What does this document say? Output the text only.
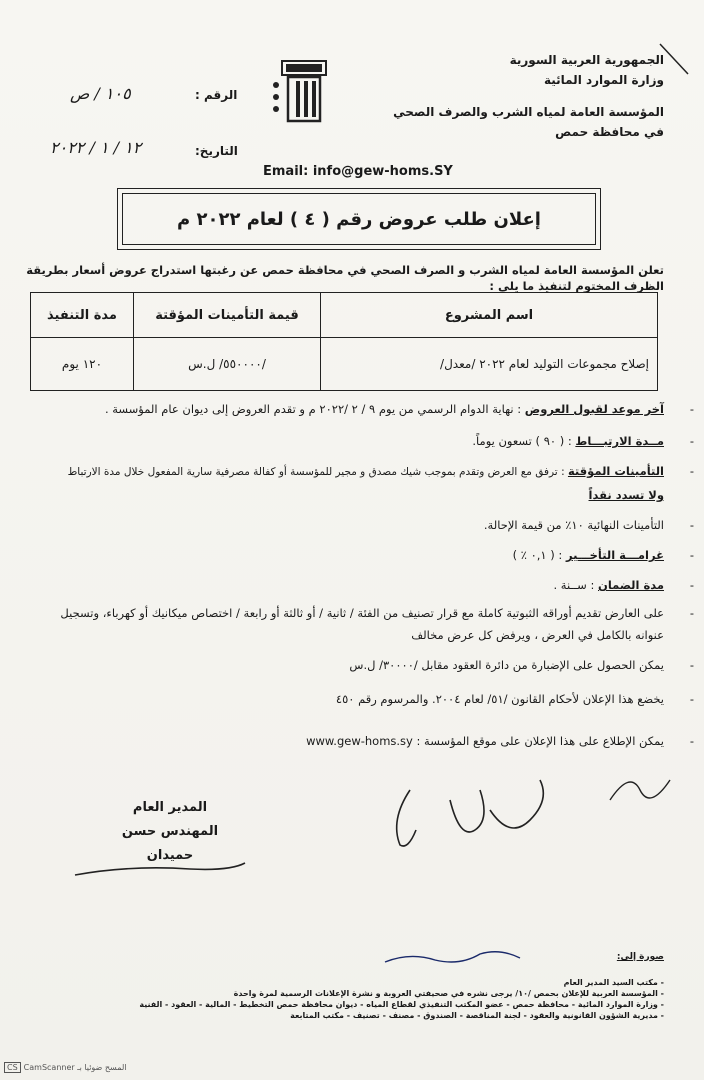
الجمهورية العربية السورية
وزارة الموارد المائية
المؤسسة العامة لمياه الشرب والصرف الصحي
في محافظة حمص
الرقم :
١٠٥ / ص
التاريخ:
١٢ / ١ / ٢٠٢٢
Email: info@gew-homs.SY
إعلان طلب عروض رقم ( ٤ ) لعام ٢٠٢٢ م
تعلن المؤسسة العامة لمياه الشرب و الصرف الصحي في محافظة حمص عن رغبتها استدراج عروض أسعار بطريقة الظرف المختوم لتنفيذ ما يلي :
اسم المشروع	قيمة التأمينات المؤقتة	مدة التنفيذ
إصلاح مجموعات التوليد لعام ٢٠٢٢ /معدل/	/٥٥٠٠٠٠/ ل.س	١٢٠ يوم
-
آخر موعد لقبول العروض : نهاية الدوام الرسمي من يوم ٩ / ٢ /٢٠٢٢ م و تقدم العروض إلى ديوان عام المؤسسة .
-
مــدة الارتبـــاط : ( ٩٠ ) تسعون يوماً.
-
التأمينات المؤقتة : ترفق مع العرض وتقدم بموجب شيك مصدق و مجير للمؤسسة أو كفالة مصرفية سارية المفعول خلال مدة الارتباط
ولا تسدد نقداً
-
التأمينات النهائية ١٠٪ من قيمة الإحالة.
-
غرامـــة التأخـــير : ( ٠,١ ٪ )
-
مدة الضمان : ســنة .
-
على العارض تقديم أوراقه الثبوتية كاملة مع قرار تصنيف من الفئة / ثانية / أو ثالثة أو رابعة / اختصاص ميكانيك أو كهرباء، وتسجيل
عنوانه بالكامل في العرض ، ويرفض كل عرض مخالف
-
يمكن الحصول على الإضبارة من دائرة العقود مقابل /٣٠٠٠٠/ ل.س
-
يخضع هذا الإعلان لأحكام القانون /٥١/ لعام ٢٠٠٤. والمرسوم رقم ٤٥٠
-
يمكن الإطلاع على هذا الإعلان على موقع المؤسسة : www.gew-homs.sy
المدير العام
المهندس حسن حميدان
صورة إلى:
- مكتب السيد المدير العام
- المؤسسة العربية للإعلان بحمص /١٠/ يرجى نشره في صحيفتي العروبة و نشرة الإعلانات الرسمية لمرة واحدة
- وزارة الموارد المائية - محافظة حمص - عضو المكتب التنفيذي لقطاع المياه - ديوان محافظة حمص التخطيط - المالية - العقود - الفنية
- مديرية الشؤون القانونية والعقود - لجنة المناقصة - الصندوق - مصنف - تصنيف - مكتب المتابعة
CS CamScanner المسح ضوئيا بـ
